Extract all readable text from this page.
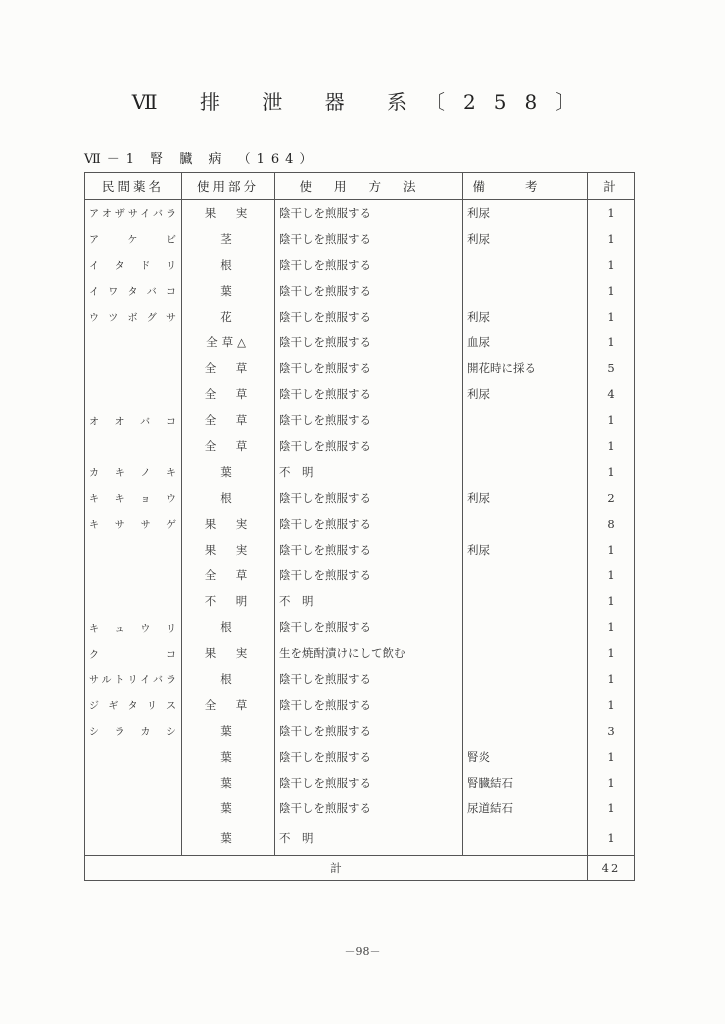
Ⅶ 排 泄 器 系〔258〕
Ⅶ－1 腎 臓 病 （164）
民間薬名	使用部分	使用方法	備考	計
アオザサイバラ	果　実	陰干しを煎服する	利尿	1
アケビ	茎	陰干しを煎服する	利尿	1
イタドリ	根	陰干しを煎服する		1
イワタバコ	葉	陰干しを煎服する		1
ウツボグサ	花	陰干しを煎服する	利尿	1
	全草△	陰干しを煎服する	血尿	1
	全　草	陰干しを煎服する	開花時に採る	5
	全　草	陰干しを煎服する	利尿	4
オオバコ	全　草	陰干しを煎服する		1
	全　草	陰干しを煎服する		1
カキノキ	葉	不　明		1
キキョウ	根	陰干しを煎服する	利尿	2
キササゲ	果　実	陰干しを煎服する		8
	果　実	陰干しを煎服する	利尿	1
	全　草	陰干しを煎服する		1
	不　明	不　明		1
キュウリ	根	陰干しを煎服する		1
クコ	果　実	生を焼酎漬けにして飲む		1
サルトリイバラ	根	陰干しを煎服する		1
ジギタリス	全　草	陰干しを煎服する		1
シラカシ	葉	陰干しを煎服する		3
	葉	陰干しを煎服する	腎炎	1
	葉	陰干しを煎服する	腎臓結石	1
	葉	陰干しを煎服する	尿道結石	1
	葉	不　明		1
計				42
－98－
